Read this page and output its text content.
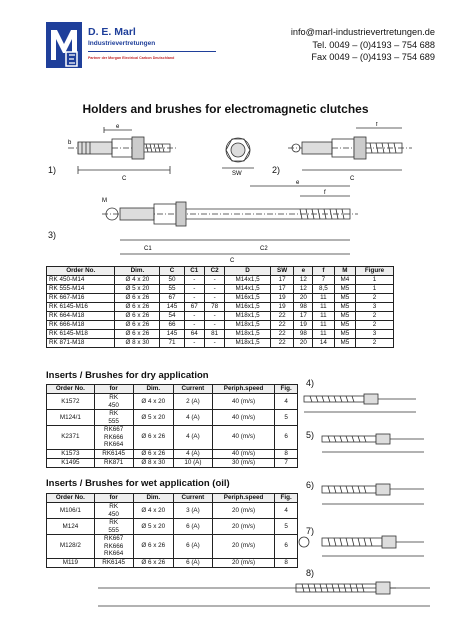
D. E. Marl
Industrievertretungen
Partner der Morgan Electrical Carbon Deutschland
info@marl-industrievertretungen.de
Tel. 0049 – (0)4193 – 754 688
Fax 0049 – (0)4193 – 754 689
Holders and brushes for electromagnetic clutches
1)
C
e
b
SW	2)
C
f
3)
C1	C2
C
e
f
M
Order No.	Dim.	C	C1	C2	D	SW	e	f	M	Figure
RK 450-M14	Ø 4 x 20	50	-	-	M14x1,5	17	12	7	M4	1
RK 555-M14	Ø 5 x 20	55	-	-	M14x1,5	17	12	8,5	M5	1
RK 667-M16	Ø 6 x 26	67	-	-	M16x1,5	19	20	11	M5	2
RK 6145-M16	Ø 6 x 26	145	67	78	M16x1,5	19	98	11	M5	3
RK 664-M18	Ø 6 x 26	54	-	-	M18x1,5	22	17	11	M5	2
RK 666-M18	Ø 6 x 26	66	-	-	M18x1,5	22	19	11	M5	2
RK 6145-M18	Ø 6 x 26	145	64	81	M18x1,5	22	98	11	M5	3
RK 871-M18	Ø 8 x 30	71	-	-	M18x1,5	22	20	14	M5	2
Inserts / Brushes for dry application
Order No.	for	Dim.	Current	Periph.speed	Fig.
K1572	RK
450	Ø 4 x 20	2 (A)	40 (m/s)	4
M124/1	RK
555	Ø 5 x 20	4 (A)	40 (m/s)	5
K2371	RK667
RK666
RK664	Ø 6 x 26	4 (A)	40 (m/s)	6
K1573	RK6145	Ø 6 x 26	4 (A)	40 (m/s)	8
K1495	RK871	Ø 8 x 30	10 (A)	30 (m/s)	7
Inserts / Brushes for wet application (oil)
Order No.	for	Dim.	Current	Periph.speed	Fig.
M106/1	RK
450	Ø 4 x 20	3 (A)	20 (m/s)	4
M124	RK
555	Ø 5 x 20	6 (A)	20 (m/s)	5
M128/2	RK667
RK666
RK664	Ø 6 x 26	6 (A)	20 (m/s)	6
M119	RK6145	Ø 6 x 26	6 (A)	20 (m/s)	8
4)
5)
6)
7)
8)
